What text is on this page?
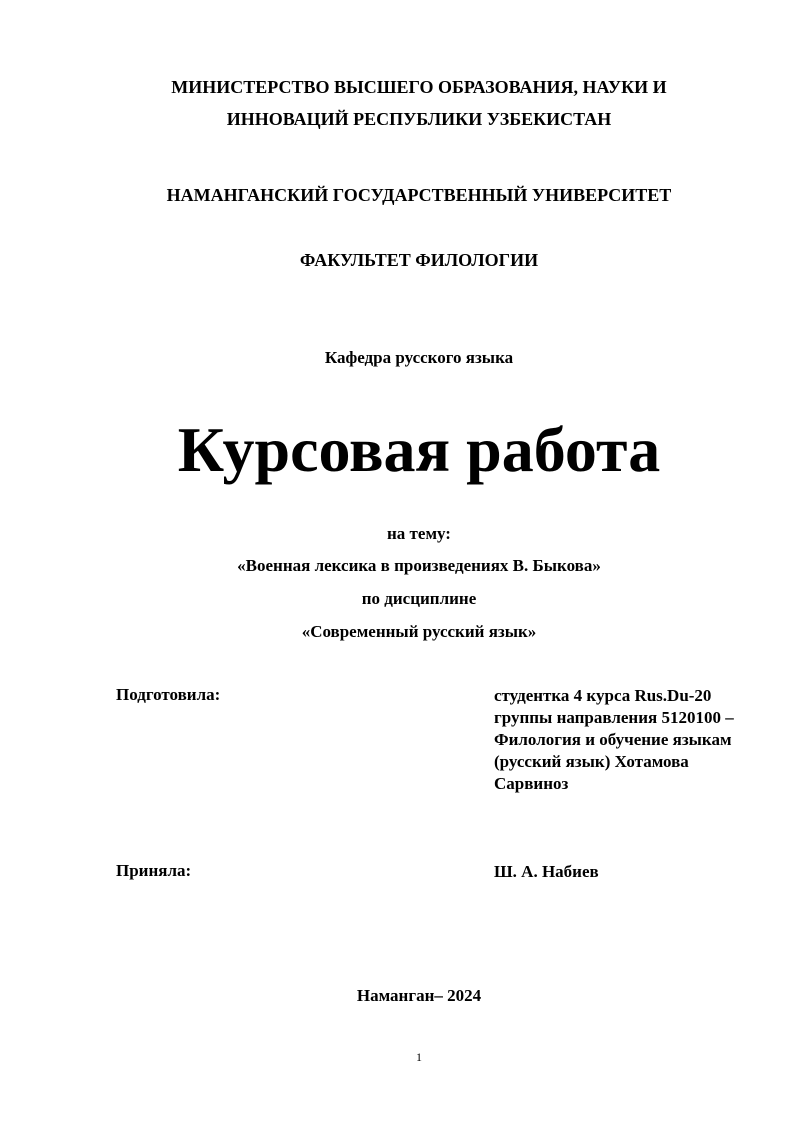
МИНИСТЕРСТВО ВЫСШЕГО ОБРАЗОВАНИЯ, НАУКИ И
ИННОВАЦИЙ РЕСПУБЛИКИ УЗБЕКИСТАН
НАМАНГАНСКИЙ ГОСУДАРСТВЕННЫЙ УНИВЕРСИТЕТ
ФАКУЛЬТЕТ ФИЛОЛОГИИ
Кафедра русского языка
Курсовая работа
на тему:
«Военная лексика в произведениях В. Быкова»
по дисциплине
«Современный русский язык»
Подготовила:	студентка 4 курса Rus.Du-20 группы направления 5120100 – Филология и обучение языкам (русский язык) Хотамова Сарвиноз
Приняла:	Ш. А. Набиев
Наманган– 2024
1
